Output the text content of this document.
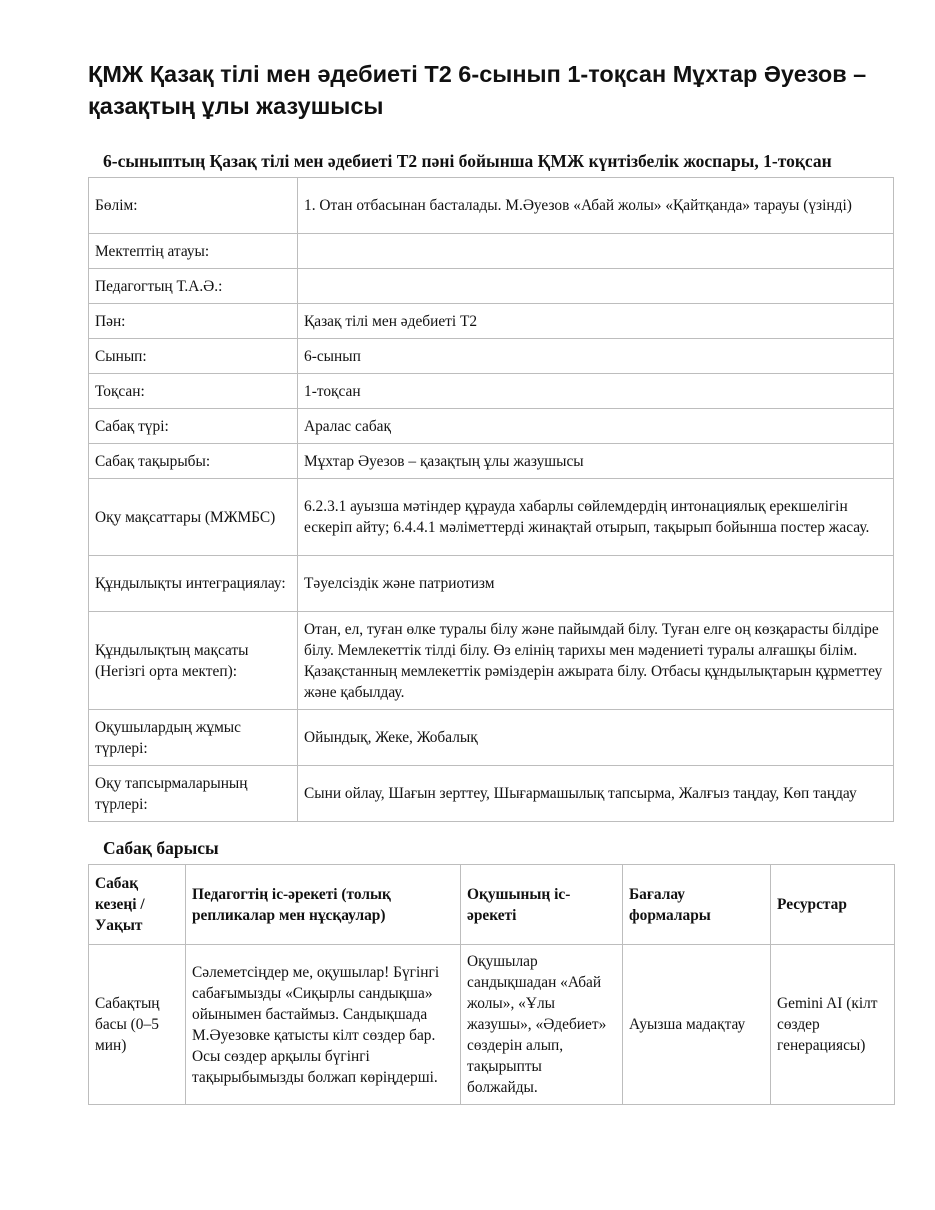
ҚМЖ Қазақ тілі мен әдебиеті Т2 6-сынып 1-тоқсан Мұхтар Әуезов – қазақтың ұлы жазушысы
6-сыныптың Қазақ тілі мен әдебиеті Т2 пәні бойынша ҚМЖ күнтізбелік жоспары, 1-тоқсан
Бөлім:	1. Отан отбасынан басталады. М.Әуезов «Абай жолы» «Қайтқанда» тарауы (үзінді)
Мектептің атауы:	
Педагогтың Т.А.Ә.:	
Пән:	Қазақ тілі мен әдебиеті Т2
Сынып:	6-сынып
Тоқсан:	1-тоқсан
Сабақ түрі:	Аралас сабақ
Сабақ тақырыбы:	Мұхтар Әуезов – қазақтың ұлы жазушысы
Оқу мақсаттары (МЖМБС)	6.2.3.1 ауызша мәтіндер құрауда хабарлы сөйлемдердің интонациялық ерекшелігін ескеріп айту; 6.4.4.1 мәліметтерді жинақтай отырып, тақырып бойынша постер жасау.
Құндылықты интеграциялау:	Тәуелсіздік және патриотизм
Құндылықтың мақсаты (Негізгі орта мектеп):	Отан, ел, туған өлке туралы білу және пайымдай білу. Туған елге оң көзқарасты білдіре білу. Мемлекеттік тілді білу. Өз елінің тарихы мен мәдениеті туралы алғашқы білім. Қазақстанның мемлекеттік рәміздерін ажырата білу. Отбасы құндылықтарын құрметтеу және қабылдау.
Оқушылардың жұмыс түрлері:	Ойындық, Жеке, Жобалық
Оқу тапсырмаларының түрлері:	Сыни ойлау, Шағын зерттеу, Шығармашылық тапсырма, Жалғыз таңдау, Көп таңдау
Сабақ барысы
Сабақ кезеңі / Уақыт	Педагогтің іс-әрекеті (толық репликалар мен нұсқаулар)	Оқушының іс-әрекеті	Бағалау формалары	Ресурстар
Сабақтың басы (0–5 мин)	Сәлеметсіңдер ме, оқушылар! Бүгінгі сабағымызды «Сиқырлы сандықша» ойынымен бастаймыз. Сандықшада М.Әуезовке қатысты кілт сөздер бар. Осы сөздер арқылы бүгінгі тақырыбымызды болжап көріңдерші.	Оқушылар сандықшадан «Абай жолы», «Ұлы жазушы», «Әдебиет» сөздерін алып, тақырыпты болжайды.	Ауызша мадақтау	Gemini AI (кілт сөздер генерациясы)
